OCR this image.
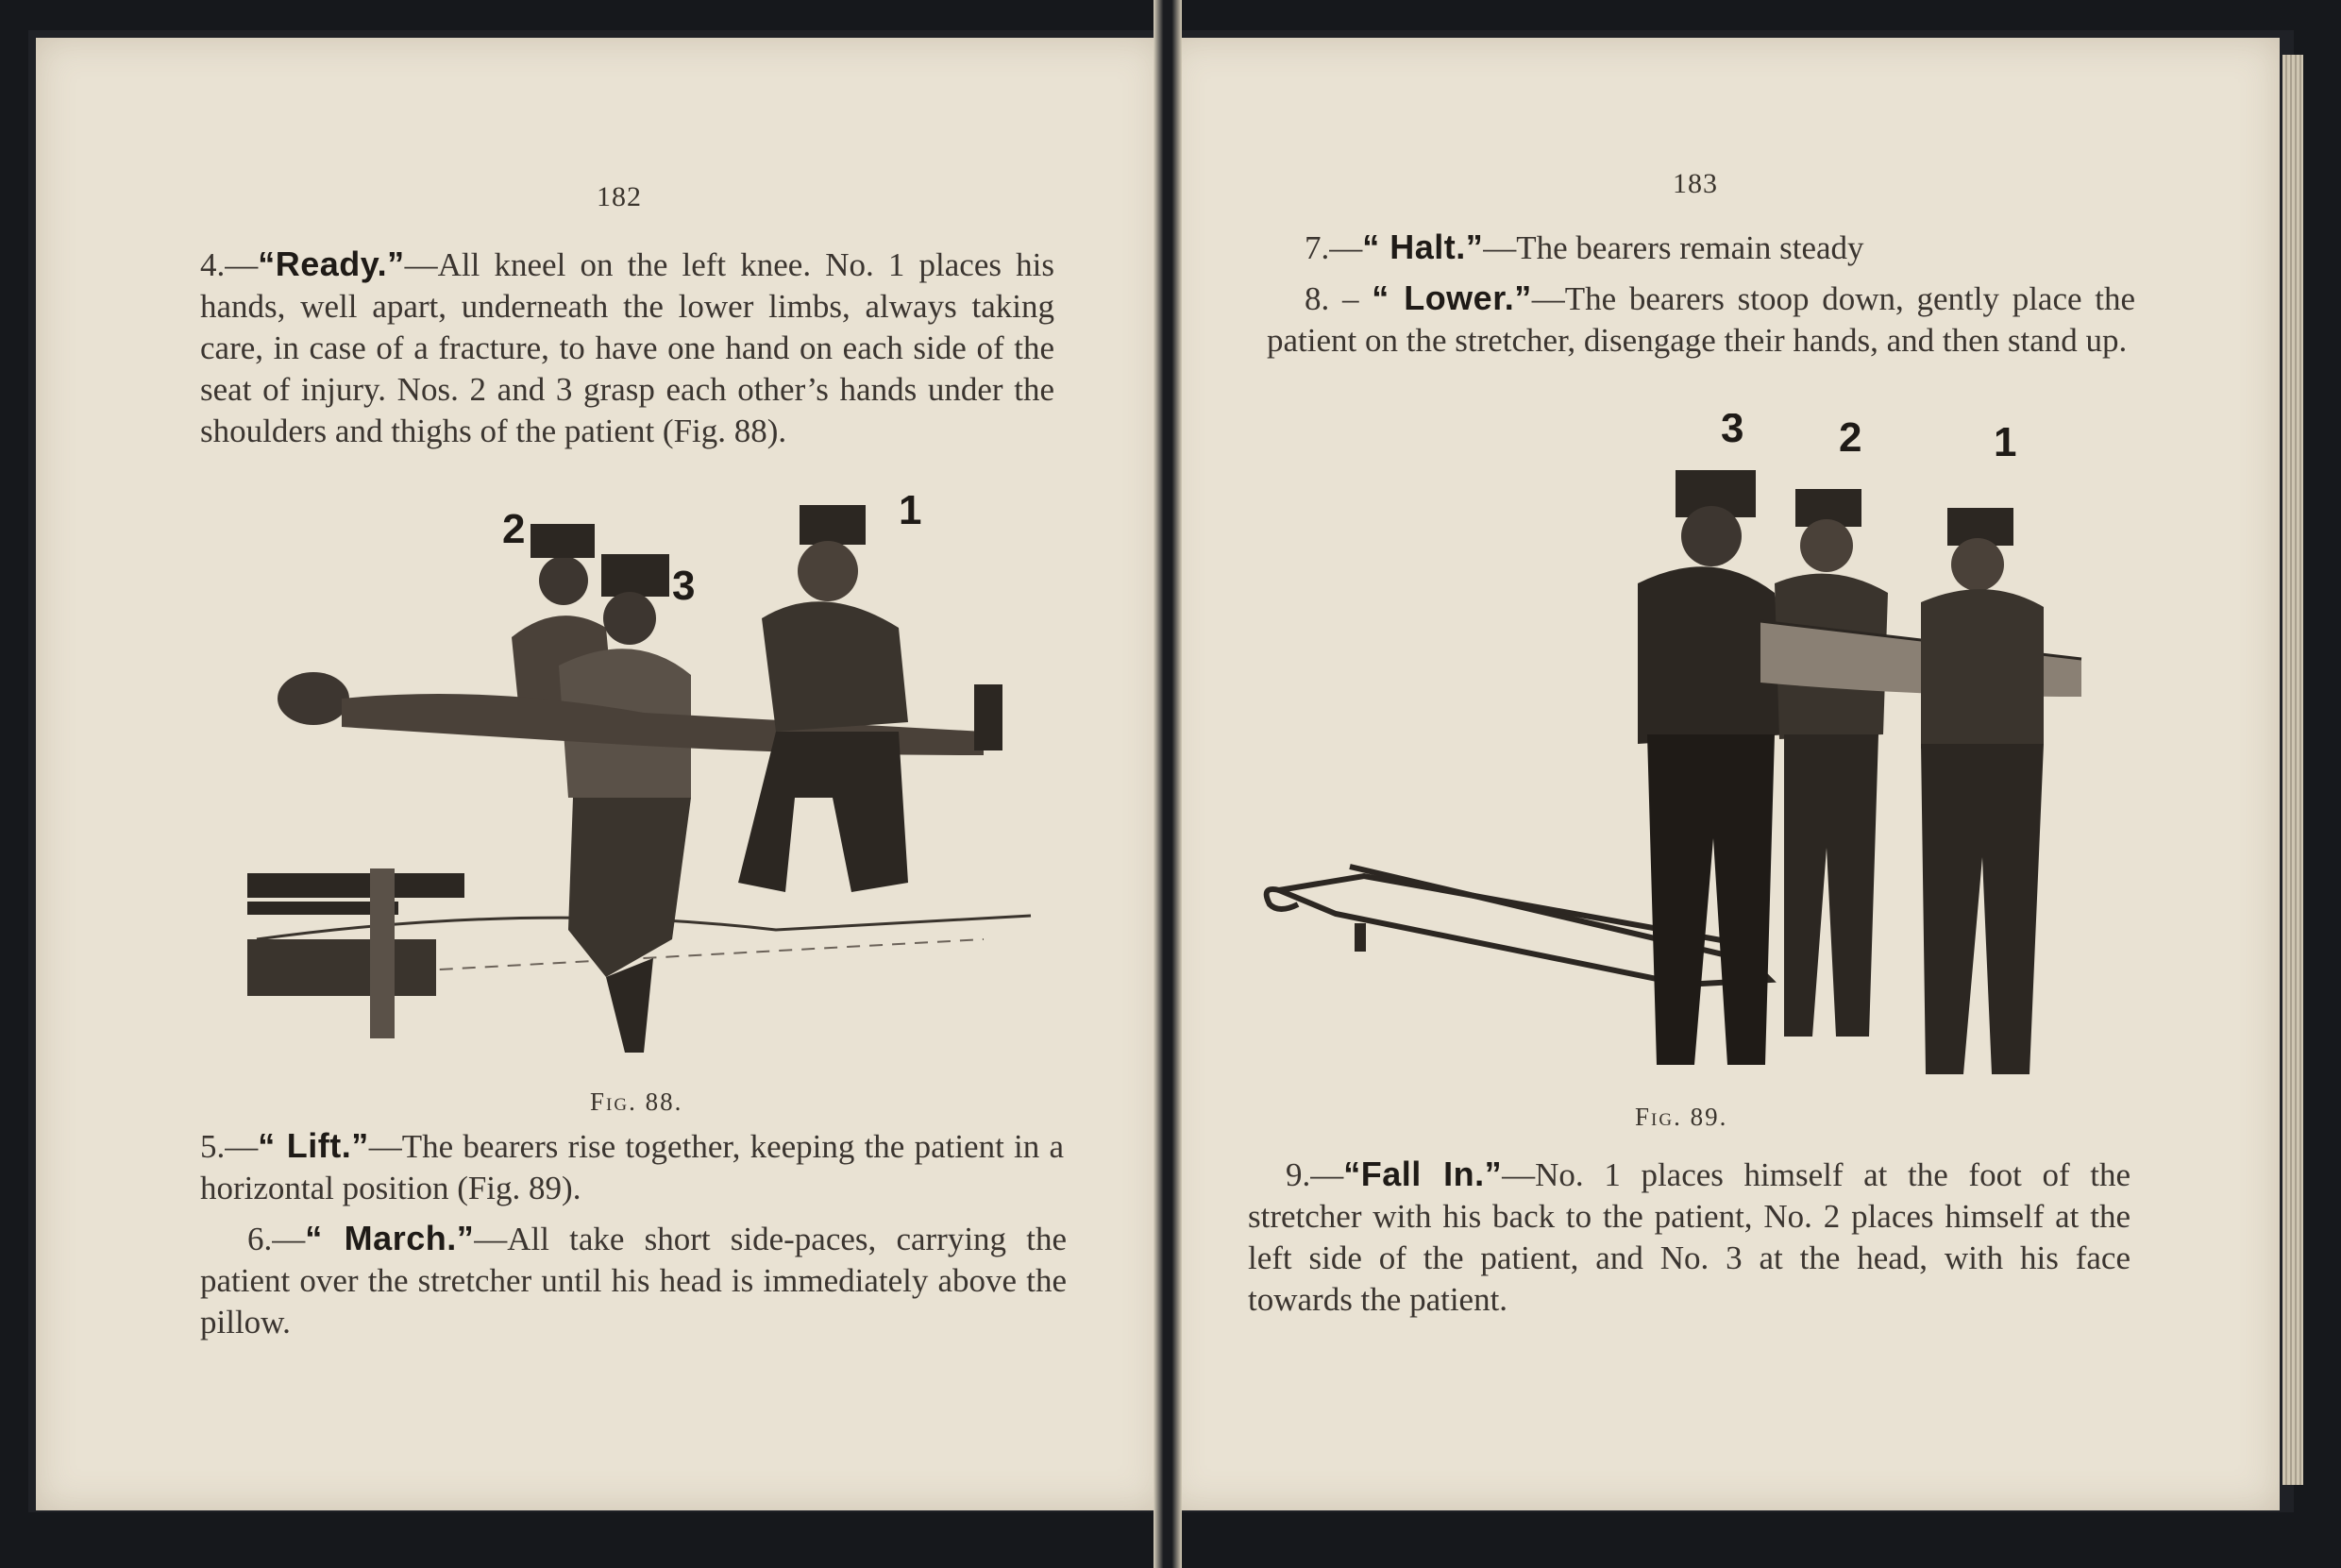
182

4.—“Ready.”—All kneel on the left knee. No. 1 places his hands, well apart, underneath the lower limbs, always taking care, in case of a fracture, to have one hand on each side of the seat of injury. Nos. 2 and 3 grasp each other’s hands under the shoulders and thighs of the patient (Fig. 88).

2
3
1
Fig. 88.

5.—“ Lift.”—The bearers rise together, keeping the patient in a horizontal position (Fig. 89).

6.—“ March.”—All take short side-paces, carrying the patient over the stretcher until his head is immediately above the pillow.

183

7.—“ Halt.”—The bearers remain steady

8. – “ Lower.”—The bearers stoop down, gently place the patient on the stretcher, disengage their hands, and then stand up.

3 2	1
Fig. 89.

9.—“Fall In.”—No. 1 places himself at the foot of the stretcher with his back to the patient, No. 2 places himself at the left side of the patient, and No. 3 at the head, with his face towards the patient.
